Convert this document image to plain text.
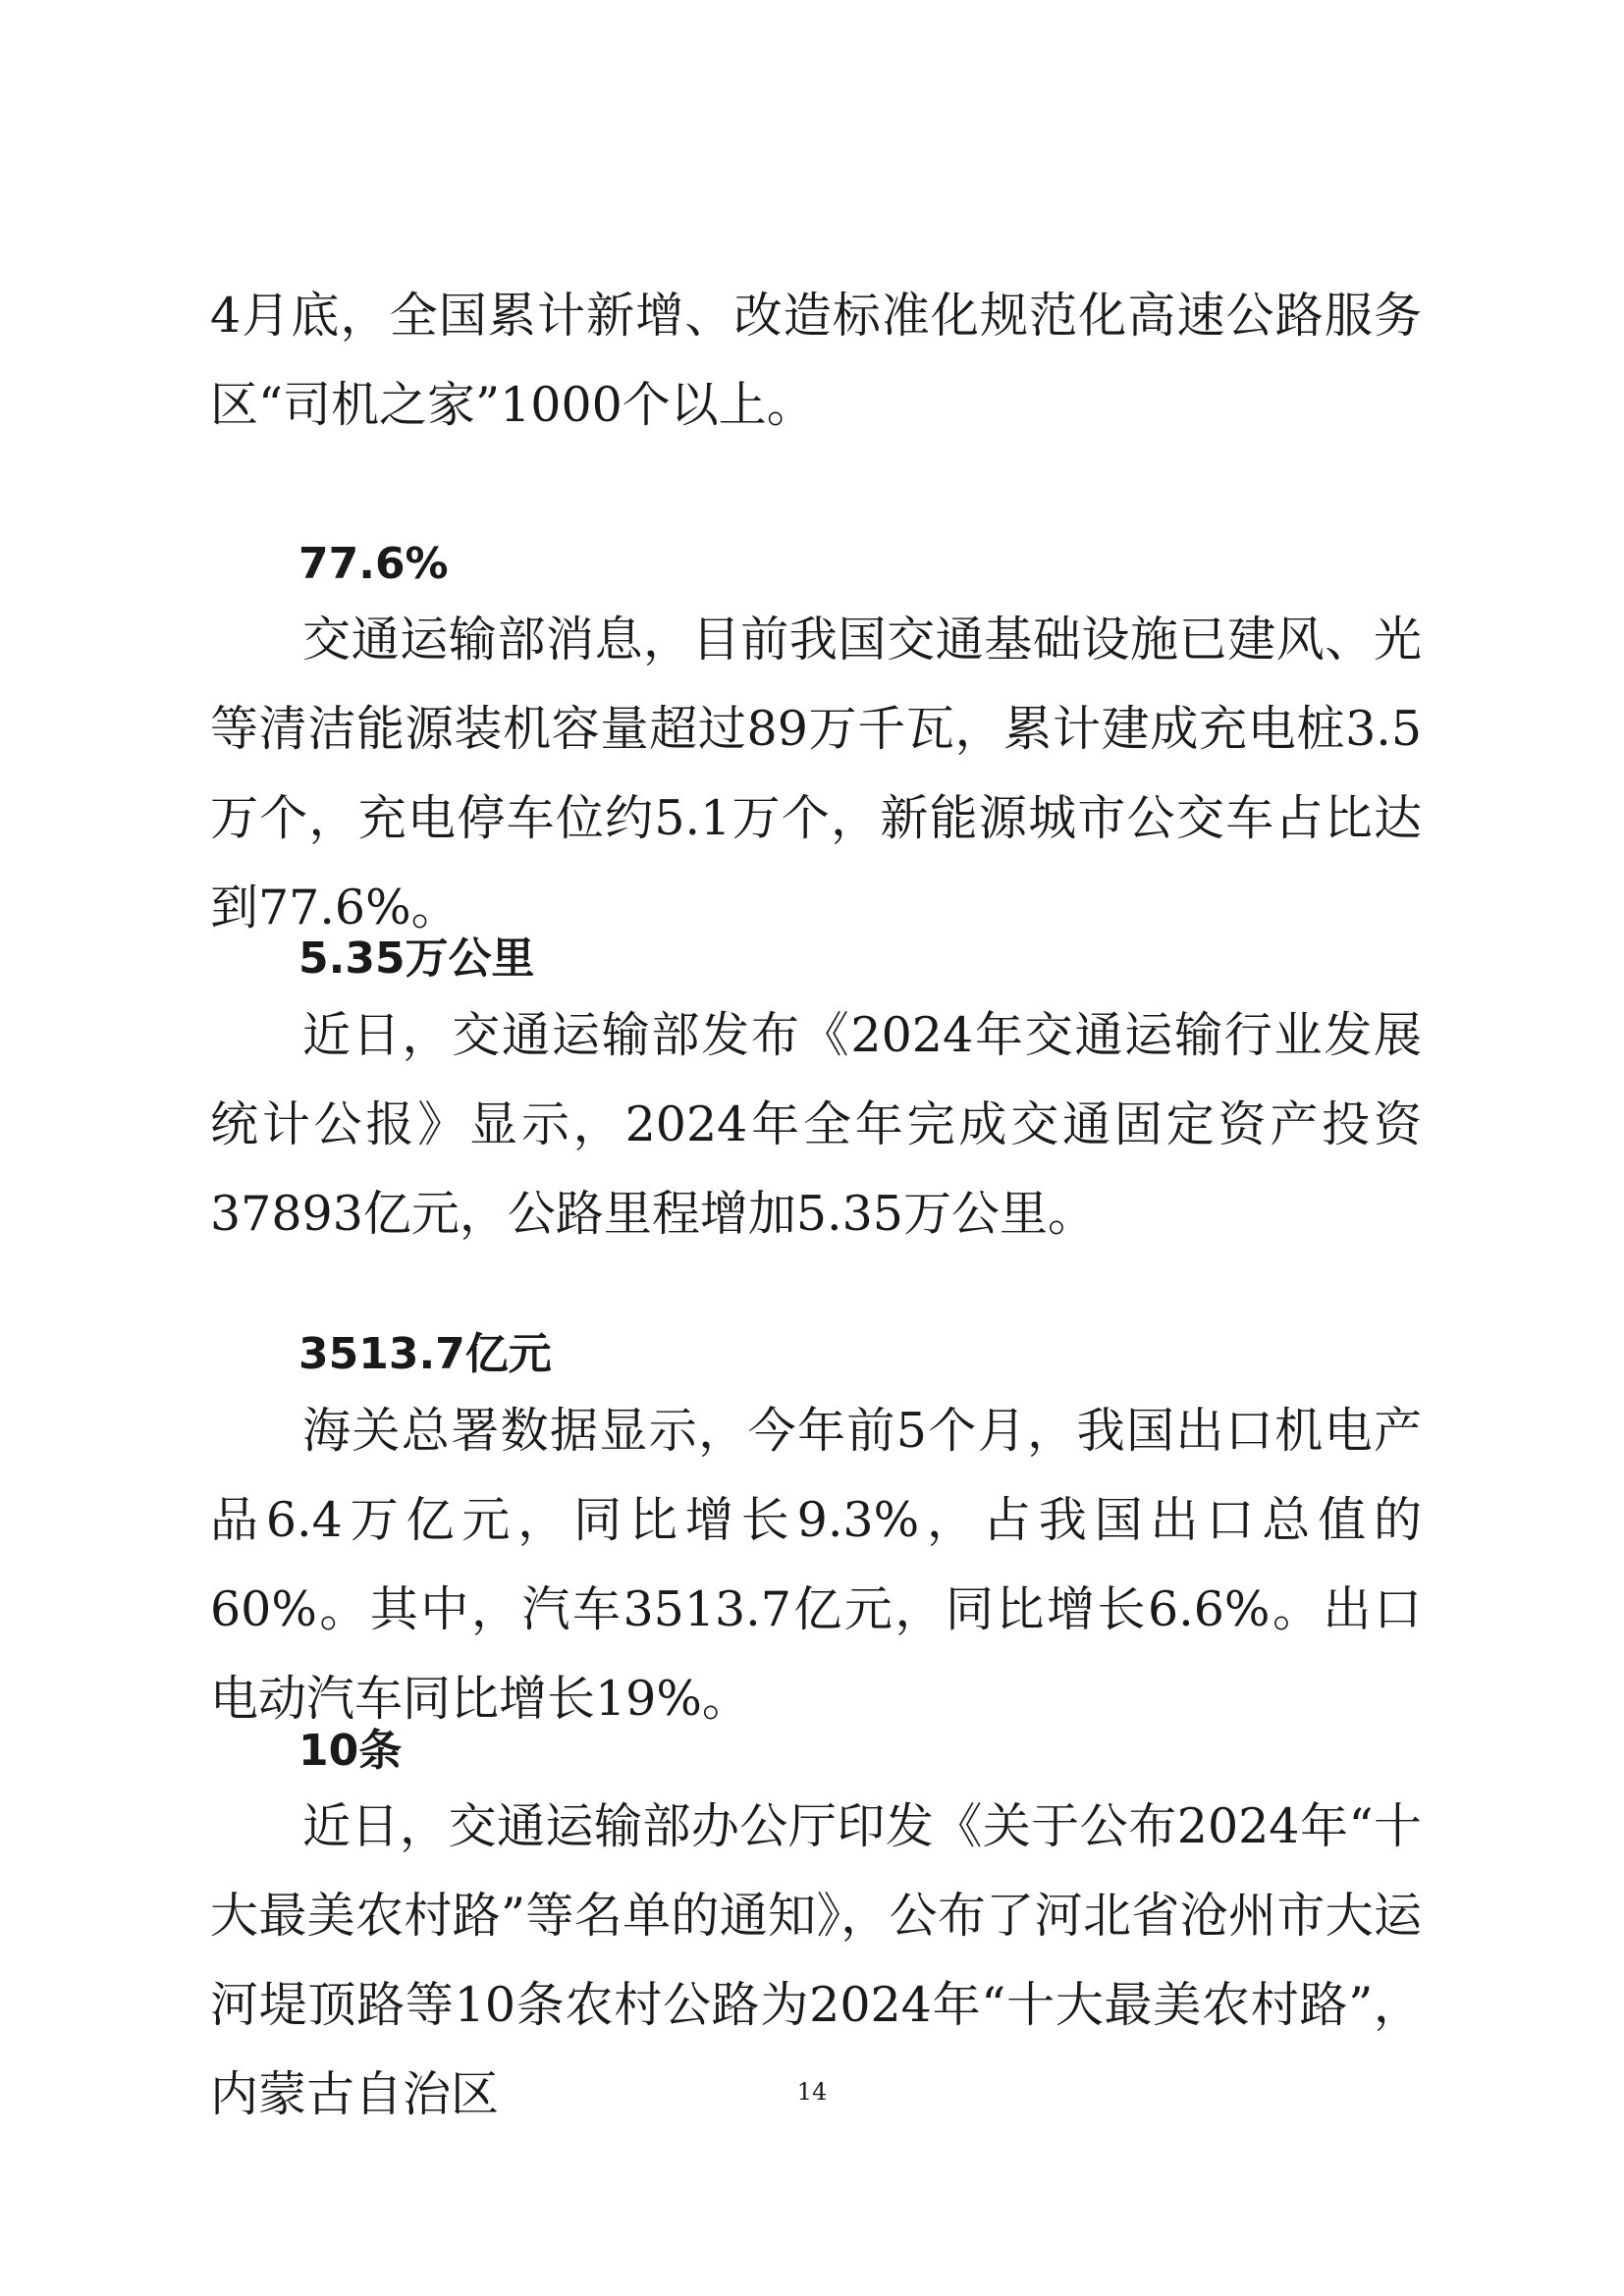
4月底，全国累计新增、改造标准化规范化高速公路服务区“司机之家”1000个以上。

77.6%

交通运输部消息，目前我国交通基础设施已建风、光等清洁能源装机容量超过89万千瓦，累计建成充电桩3.5万个，充电停车位约5.1万个，新能源城市公交车占比达到77.6%。

5.35万公里

近日，交通运输部发布《2024年交通运输行业发展统计公报》显示，2024年全年完成交通固定资产投资37893亿元，公路里程增加5.35万公里。

3513.7亿元

海关总署数据显示，今年前5个月，我国出口机电产品6.4万亿元，同比增长9.3%，占我国出口总值的60%。其中，汽车3513.7亿元，同比增长6.6%。出口电动汽车同比增长19%。

10条

近日，交通运输部办公厅印发《关于公布2024年“十大最美农村路”等名单的通知》，公布了河北省沧州市大运河堤顶路等10条农村公路为2024年“十大最美农村路”，内蒙古自治区	14
